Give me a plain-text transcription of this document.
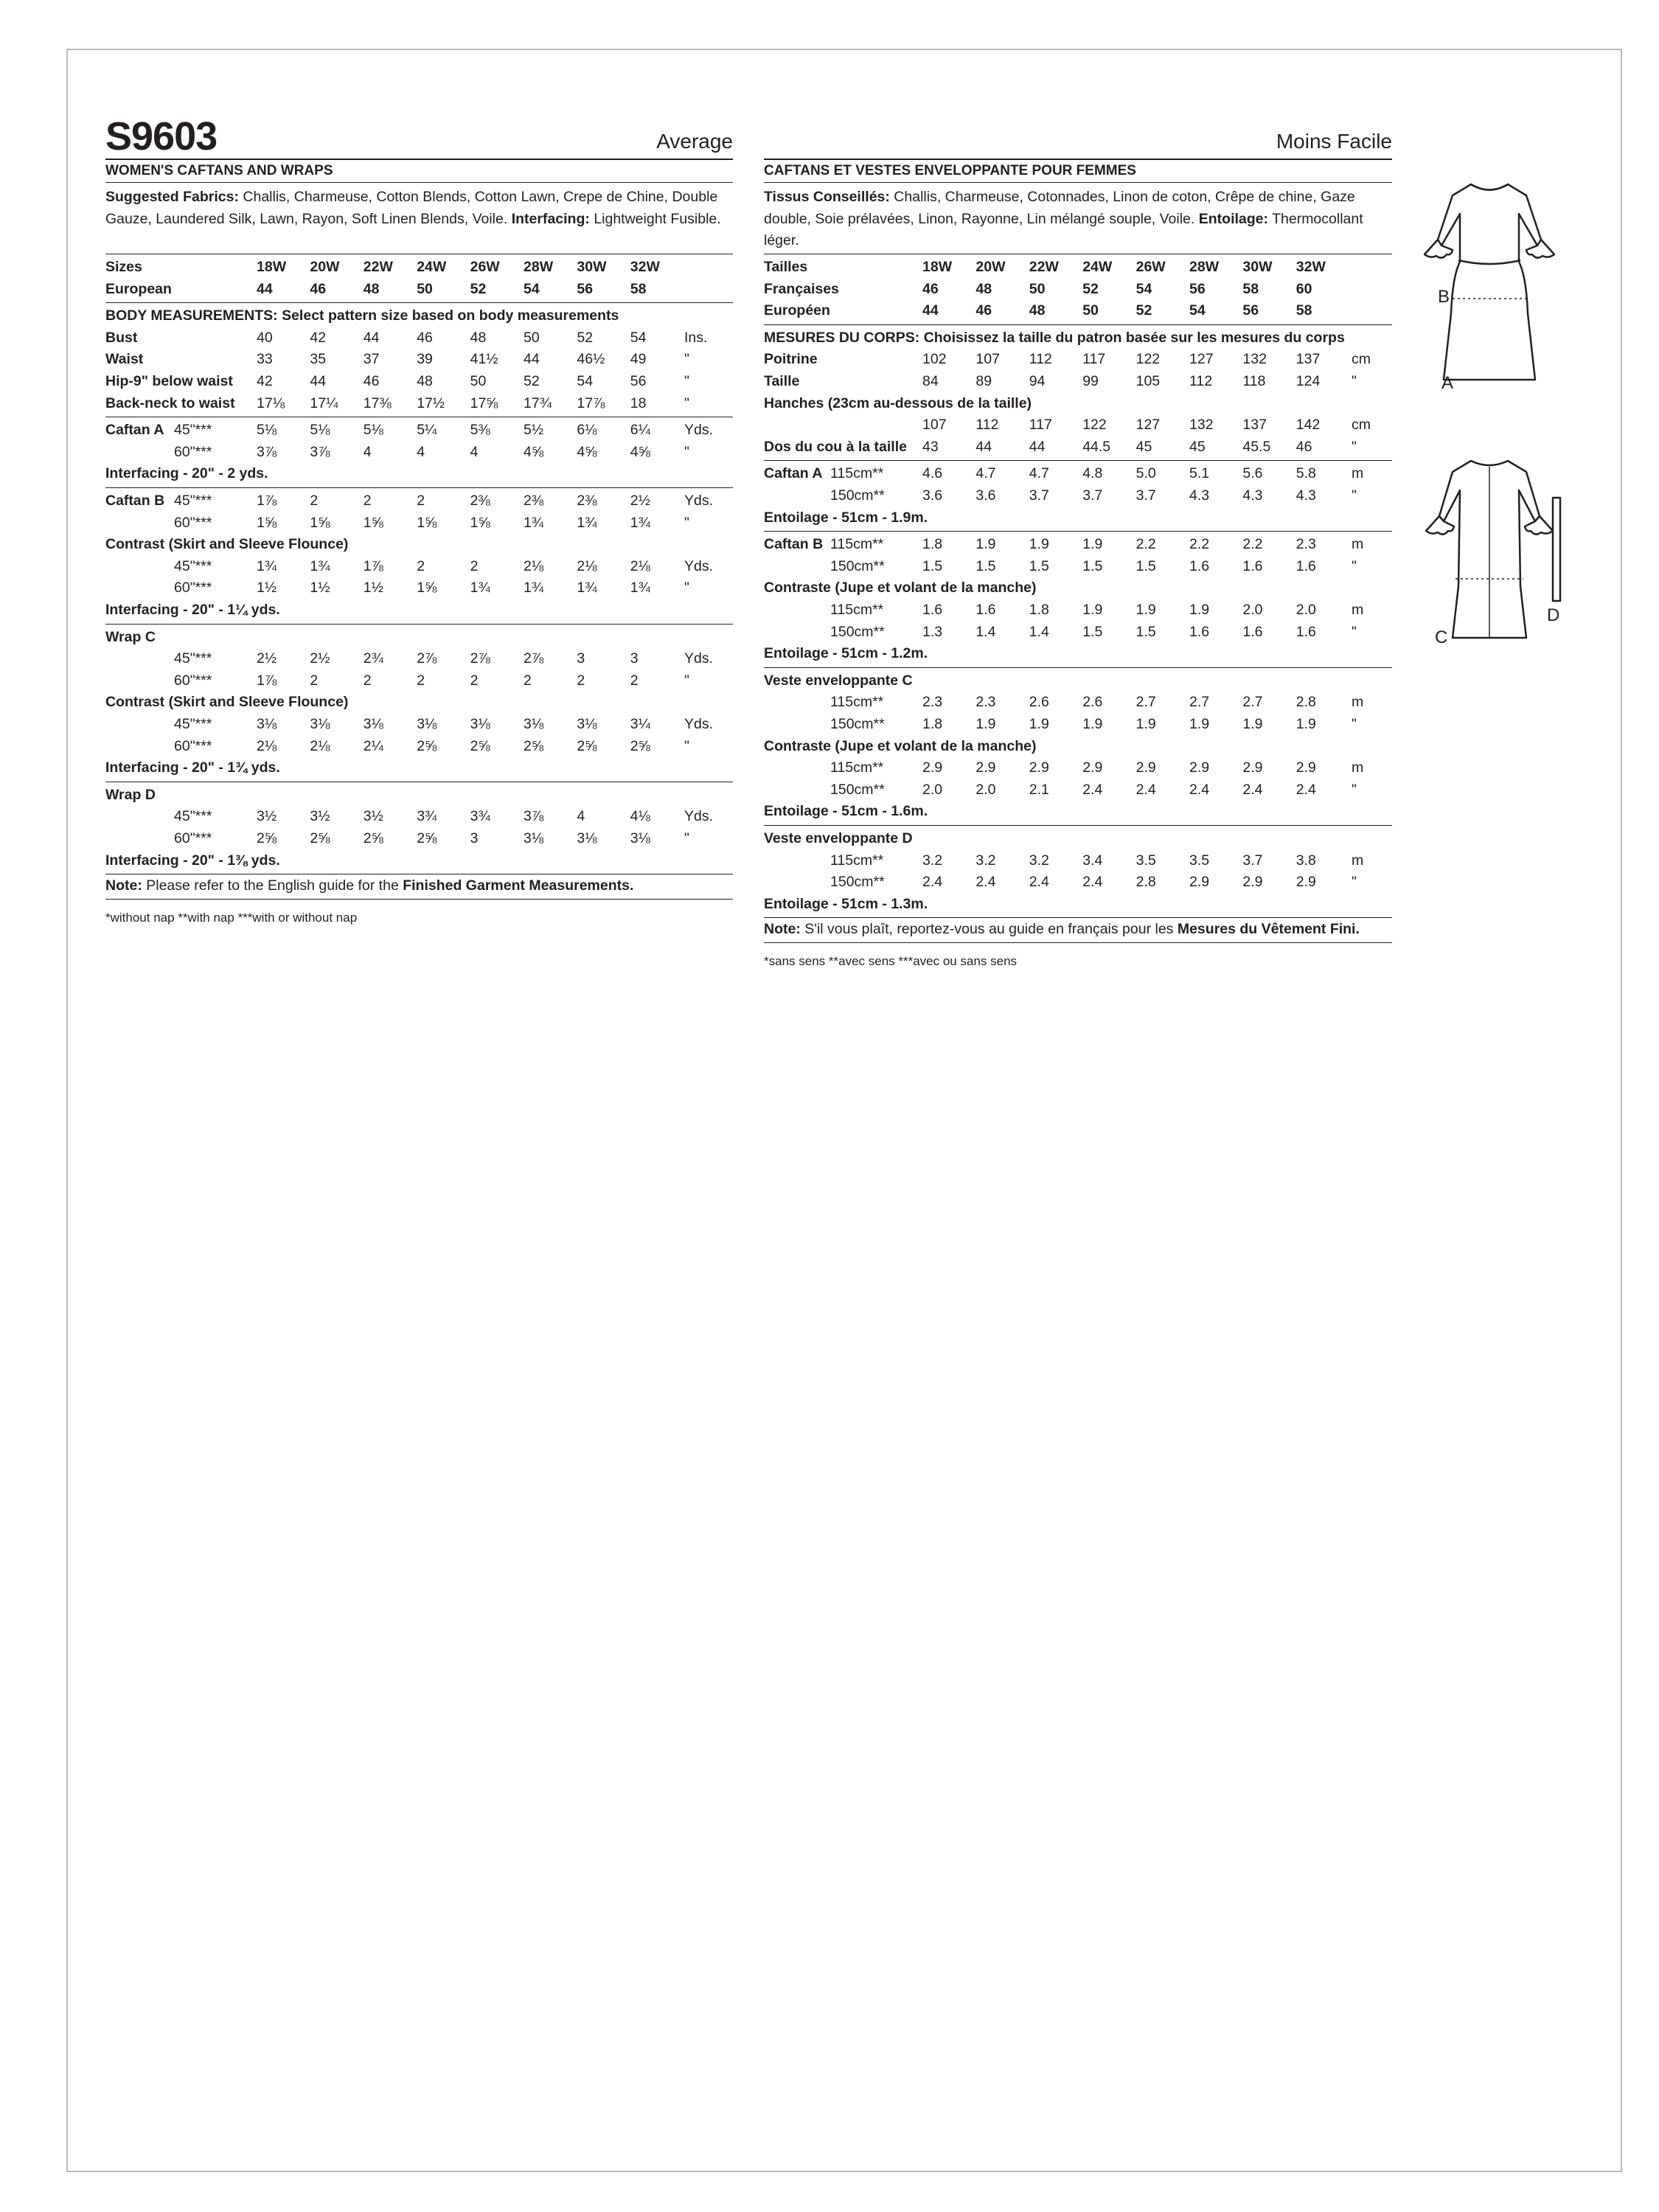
S9603	Average
WOMEN'S CAFTANS AND WRAPS
Suggested Fabrics: Challis, Charmeuse, Cotton Blends, Cotton Lawn, Crepe de Chine, Double Gauze, Laundered Silk, Lawn, Rayon, Soft Linen Blends, Voile. Interfacing: Lightweight Fusible.
Sizes	18W 20W 22W 24W 26W 28W 30W 32W
European	44	46	48	50	52	54	56	58
BODY MEASUREMENTS: Select pattern size based on body measurements
Bust	40	42	44	46	48	50	52	54	Ins.
Waist	33	35	37	39	41½ 44	46½ 49	"
Hip-9" below waist 42	44	46	48	50	52	54	56	"
Back-neck to waist 17⅛ 17¼ 17⅜ 17½ 17⅝ 17¾ 17⅞ 18	"
Caftan A 45"***	5⅛ 5⅛ 5⅛ 5¼ 5⅜ 5½ 6⅛ 6¼ Yds.
60"***	3⅞ 3⅞ 4	4	4	4⅝ 4⅝ 4⅝ "
Interfacing - 20" - 2 yds.
Caftan B 45"***	1⅞ 2	2	2	2⅜ 2⅜ 2⅜ 2½ Yds.
60"***	1⅝ 1⅝ 1⅝ 1⅝ 1⅝ 1¾ 1¾ 1¾ "
Contrast (Skirt and Sleeve Flounce)
45"***	1¾ 1¾ 1⅞ 2	2	2⅛ 2⅛ 2⅛ Yds.
60"***	1½ 1½ 1½ 1⅝ 1¾ 1¾ 1¾ 1¾ "
Interfacing - 20" - 1¼ yds.
Wrap C
45"***	2½ 2½ 2¾ 2⅞ 2⅞ 2⅞ 3	3	Yds.
60"***	1⅞ 2	2	2	2	2	2	2	"
Contrast (Skirt and Sleeve Flounce)
45"***	3⅛ 3⅛ 3⅛ 3⅛ 3⅛ 3⅛ 3⅛ 3¼ Yds.
60"***	2⅛ 2⅛ 2¼ 2⅝ 2⅝ 2⅝ 2⅝ 2⅝ "
Interfacing - 20" - 1¾ yds.
Wrap D
45"***	3½ 3½ 3½ 3¾ 3¾ 3⅞ 4	4⅛ Yds.
60"***	2⅝ 2⅝ 2⅝ 2⅝ 3	3⅛ 3⅛ 3⅛ "
Interfacing - 20" - 1⅜ yds.
Note: Please refer to the English guide for the Finished Garment Measurements.
*without nap **with nap ***with or without nap
Moins Facile
CAFTANS ET VESTES ENVELOPPANTE POUR FEMMES
Tissus Conseillés: Challis, Charmeuse, Cotonnades, Linon de coton, Crêpe de chine, Gaze double, Soie prélavées, Linon, Rayonne, Lin mélangé souple, Voile. Entoilage: Thermocollant léger.
Tailles	18W 20W 22W 24W 26W 28W 30W 32W
Françaises	46	48	50	52	54	56	58	60
Européen	44	46	48	50	52	54	56	58
MESURES DU CORPS: Choisissez la taille du patron basée sur les mesures du corps
Poitrine	102 107 112 117 122 127 132 137 cm
Taille	84	89	94	99	105 112 118 124 "
Hanches (23cm au-dessous de la taille)
107 112 117 122 127 132 137 142 cm
Dos du cou à la taille 43	44	44	44.5 45	45	45.5 46	"
Caftan A 115cm**	4.6 4.7 4.7 4.8 5.0 5.1 5.6 5.8 m
150cm**	3.6 3.6 3.7 3.7 3.7 4.3 4.3 4.3 "
Entoilage - 51cm - 1.9m.
Caftan B 115cm**	1.8 1.9 1.9 1.9 2.2 2.2 2.2 2.3 m
150cm**	1.5 1.5 1.5 1.5 1.5 1.6 1.6 1.6 "
Contraste (Jupe et volant de la manche)
115cm**	1.6 1.6 1.8 1.9 1.9 1.9 2.0 2.0 m
150cm**	1.3 1.4 1.4 1.5 1.5 1.6 1.6 1.6 "
Entoilage - 51cm - 1.2m.
Veste enveloppante C
115cm**	2.3 2.3 2.6 2.6 2.7 2.7 2.7 2.8 m
150cm**	1.8 1.9 1.9 1.9 1.9 1.9 1.9 1.9 "
Contraste (Jupe et volant de la manche)
115cm**	2.9 2.9 2.9 2.9 2.9 2.9 2.9 2.9 m
150cm**	2.0 2.0 2.1 2.4 2.4 2.4 2.4 2.4 "
Entoilage - 51cm - 1.6m.
Veste enveloppante D
115cm**	3.2 3.2 3.2 3.4 3.5 3.5 3.7 3.8 m
150cm**	2.4 2.4 2.4 2.4 2.8 2.9 2.9 2.9 "
Entoilage - 51cm - 1.3m.
Note: S'il vous plaît, reportez-vous au guide en français pour les Mesures du Vêtement Fini.
*sans sens **avec sens ***avec ou sans sens
B
A
D
C
